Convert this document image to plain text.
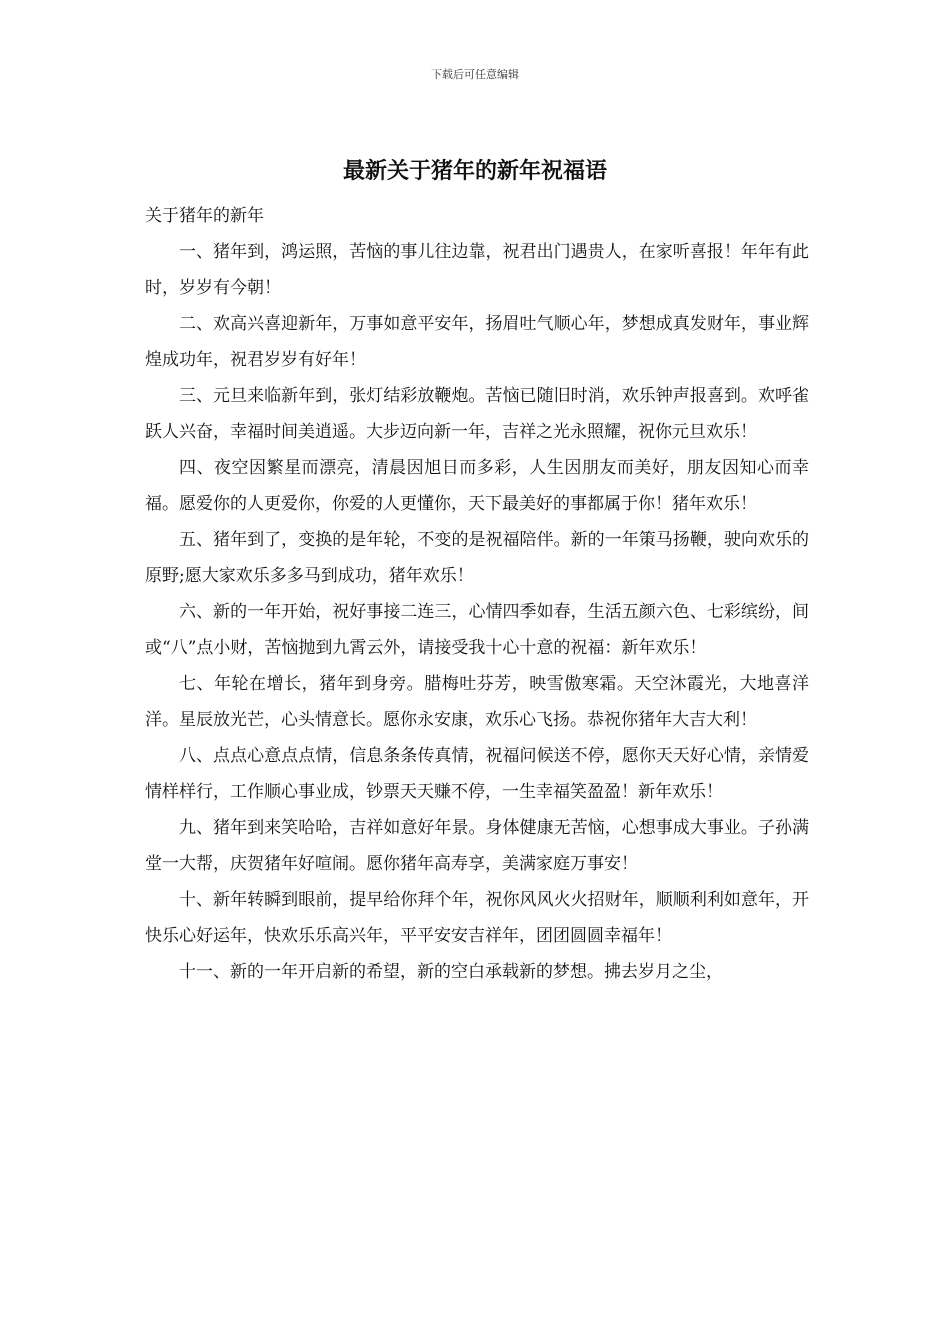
下载后可任意编辑
最新关于猪年的新年祝福语

关于猪年的新年

一、猪年到，鸿运照，苦恼的事儿往边靠，祝君出门遇贵人，在家听喜报！年年有此时，岁岁有今朝！

二、欢高兴喜迎新年，万事如意平安年，扬眉吐气顺心年，梦想成真发财年，事业辉煌成功年，祝君岁岁有好年！

三、元旦来临新年到，张灯结彩放鞭炮。苦恼已随旧时消，欢乐钟声报喜到。欢呼雀跃人兴奋，幸福时间美逍遥。大步迈向新一年，吉祥之光永照耀，祝你元旦欢乐！

四、夜空因繁星而漂亮，清晨因旭日而多彩，人生因朋友而美好，朋友因知心而幸福。愿爱你的人更爱你，你爱的人更懂你，天下最美好的事都属于你！猪年欢乐！

五、猪年到了，变换的是年轮，不变的是祝福陪伴。新的一年策马扬鞭，驶向欢乐的原野;愿大家欢乐多多马到成功，猪年欢乐！

六、新的一年开始，祝好事接二连三，心情四季如春，生活五颜六色、七彩缤纷，间或“八”点小财，苦恼抛到九霄云外，请接受我十心十意的祝福：新年欢乐！

七、年轮在增长，猪年到身旁。腊梅吐芬芳，映雪傲寒霜。天空沐霞光，大地喜洋洋。星辰放光芒，心头情意长。愿你永安康，欢乐心飞扬。恭祝你猪年大吉大利！

八、点点心意点点情，信息条条传真情，祝福问候送不停，愿你天天好心情，亲情爱情样样行，工作顺心事业成，钞票天天赚不停，一生幸福笑盈盈！新年欢乐！

九、猪年到来笑哈哈，吉祥如意好年景。身体健康无苦恼，心想事成大事业。子孙满堂一大帮，庆贺猪年好喧闹。愿你猪年高寿享，美满家庭万事安！

十、新年转瞬到眼前，提早给你拜个年，祝你风风火火招财年，顺顺利利如意年，开快乐心好运年，快欢乐乐高兴年，平平安安吉祥年，团团圆圆幸福年！

十一、新的一年开启新的希望，新的空白承载新的梦想。拂去岁月之尘，
